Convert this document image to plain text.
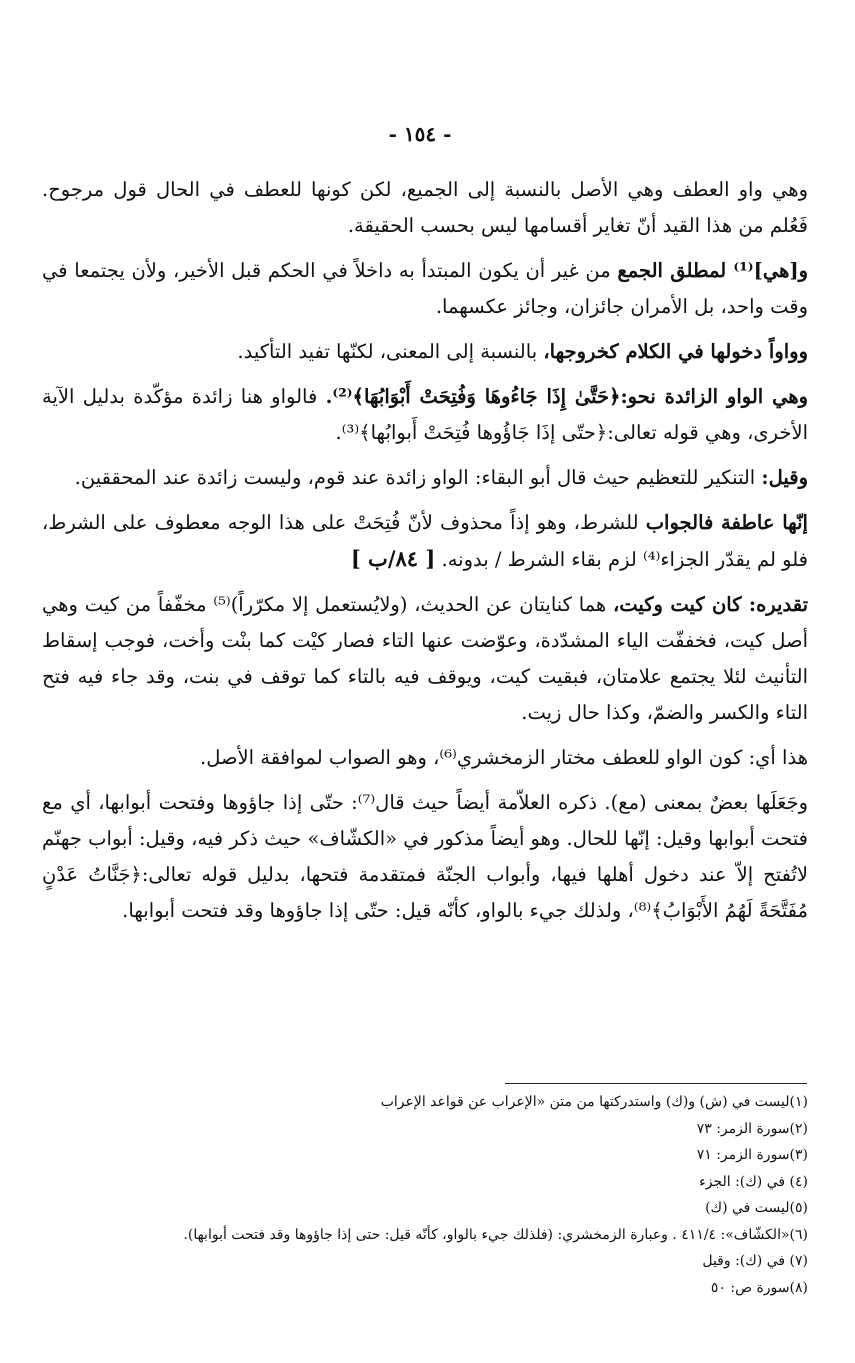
- ١٥٤ -

وهي واو العطف وهي الأصل بالنسبة إلى الجميع، لكن كونها للعطف في الحال قول مرجوح. فَعُلم من هذا القيد أنّ تغاير أقسامها ليس بحسب الحقيقة.

و[هي]⁽¹⁾ لمطلق الجمع من غير أن يكون المبتدأ به داخلاً في الحكم قبل الأخير، ولأن يجتمعا في وقت واحد، بل الأمران جائزان، وجائز عكسهما.

وواواً دخولها في الكلام كخروجها، بالنسبة إلى المعنى، لكنّها تفيد التأكيد.

وهي الواو الزائدة نحو:﴿حَتَّىٰ إِذَا جَاءُوهَا وَفُتِحَتْ أَبْوَابُهَا﴾⁽²⁾. فالواو هنا زائدة مؤكّدة بدليل الآية الأخرى، وهي قوله تعالى:﴿حتّى إذَا جَاؤُوها فُتِحَتْ أَبوابُها﴾⁽³⁾.

وقيل: التنكير للتعظيم حيث قال أبو البقاء: الواو زائدة عند قوم، وليست زائدة عند المحققين.

إنّها عاطفة فالجواب للشرط، وهو إذاً محذوف لأنّ فُتِحَتْ على هذا الوجه معطوف على الشرط، فلو لم يقدّر الجزاء⁽⁴⁾ لزم بقاء الشرط / بدونه. [ ٨٤/ب ]

تقديره: كان كيت وكيت، هما كنايتان عن الحديث، (ولايُستعمل إلا مكرّراً)⁽⁵⁾ مخفّفاً من كيت وهي أصل كيت، فخففّت الياء المشدّدة، وعوّضت عنها التاء فصار كيْت كما بنْت وأخت، فوجب إسقاط التأنيث لئلا يجتمع علامتان، فبقيت كيت، ويوقف فيه بالتاء كما توقف في بنت، وقد جاء فيه فتح التاء والكسر والضمّ، وكذا حال زيت.

هذا أي: كون الواو للعطف مختار الزمخشري⁽⁶⁾، وهو الصواب لموافقة الأصل.

وجَعَلَها بعضٌ بمعنى (مع). ذكره العلاّمة أيضاً حيث قال⁽⁷⁾: حتّى إذا جاؤوها وفتحت أبوابها، أي مع فتحت أبوابها وقيل: إنّها للحال. وهو أيضاً مذكور في «الكشّاف» حيث ذكر فيه، وقيل: أبواب جهنّم لاتُفتح إلاّ عند دخول أهلها فيها، وأبواب الجنّة فمتقدمة فتحها، بدليل قوله تعالى:﴿جَنَّاتُ عَدْنٍ مُفَتَّحَةً لَهُمُ الأَبْوَابُ﴾⁽⁸⁾، ولذلك جيء بالواو، كأنّه قيل: حتّى إذا جاؤوها وقد فتحت أبوابها.

(١)ليست في (ش) و(ك) واستدركتها من متن «الإعراب عن قواعد الإعراب

(٢)سورة الزمر: ٧٣

(٣)سورة الزمر: ٧١

(٤) في (ك): الجزء

(٥)ليست في (ك)

(٦)«الكشّاف»: ٤١١/٤ . وعبارة الزمخشري: (فلذلك جيء بالواو، كأنّه قيل: حتى إذا جاؤوها وقد فتحت أبوابها).

(٧) في (ك): وقيل

(٨)سورة ص: ٥٠
